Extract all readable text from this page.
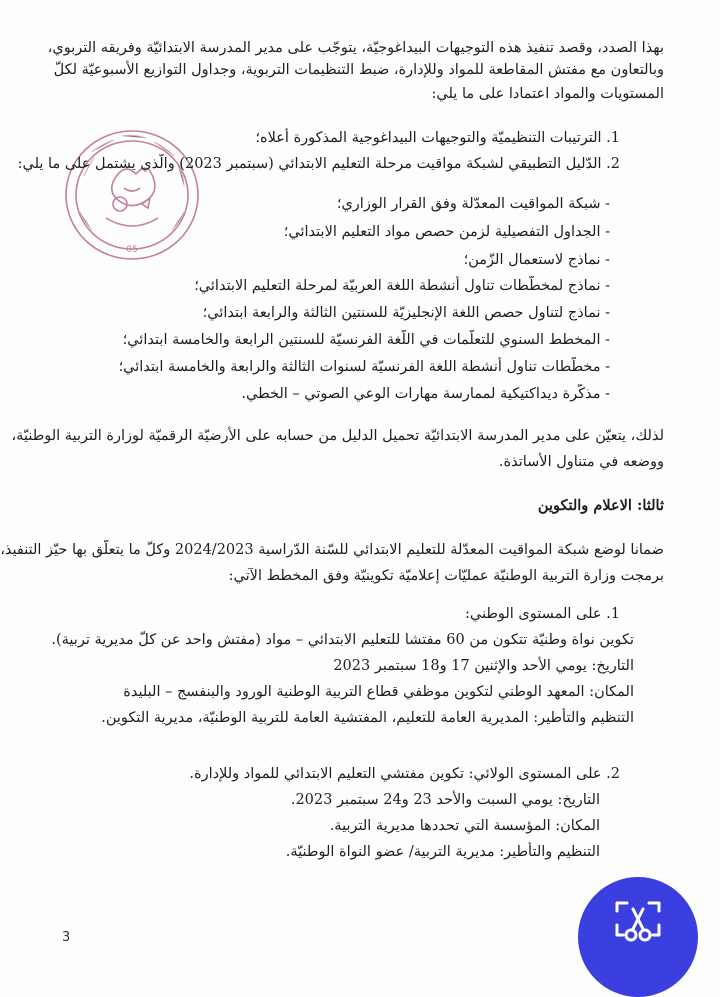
05
بهذا الصدد، وقصد تنفيذ هذه التوجيهات البيداغوجيّة، يتوجّب على مدير المدرسة الابتدائيّة وفريقه التربوي،
وبالتعاون مع مفتش المقاطعة للمواد وللإدارة، ضبط التنظيمات التربوية، وجداول التوازيع الأسبوعيّة لكلّ
المستويات والمواد اعتمادا على ما يلي:
1. الترتيبات التنظيميّة والتوجيهات البيداغوجية المذكورة أعلاه؛
2. الدّليل التطبيقي لشبكة مواقيت مرحلة التعليم الابتدائي (سبتمبر 2023) والّذي يشتمل على ما يلي:
- شبكة المواقيت المعدّلة وفق القرار الوزاري؛
- الجداول التفصيلية لزمن حصص مواد التعليم الابتدائي؛
- نماذج لاستعمال الزّمن؛
- نماذج لمخطّطات تناول أنشطة اللغة العربيّة لمرحلة التعليم الابتدائي؛
- نماذج لتناول حصص اللغة الإنجليزيّة للسنتين الثالثة والرابعة ابتدائي؛
- المخطط السنوي للتعلّمات في اللّغة الفرنسيّة للسنتين الرابعة والخامسة ابتدائي؛
- مخطّطات تناول أنشطة اللغة الفرنسيّة لسنوات الثالثة والرابعة والخامسة ابتدائي؛
- مذكّرة ديداكتيكية لممارسة مهارات الوعي الصوتي – الخطي.
لذلك، يتعيّن على مدير المدرسة الابتدائيّة تحميل الدليل من حسابه على الأرضيّة الرقميّة لوزارة التربية الوطنيّة،
ووضعه في متناول الأساتذة.
ثالثا: الاعلام والتكوين
ضمانا لوضع شبكة المواقيت المعدّلة للتعليم الابتدائي للسّنة الدّراسية 2024/2023 وكلّ ما يتعلّق بها حيّز التنفيذ،
برمجت وزارة التربية الوطنيّة عمليّات إعلاميّة تكوينيّة وفق المخطط الآتي:
1. على المستوى الوطني:
تكوين نواة وطنيّة تتكون من 60 مفتشا للتعليم الابتدائي – مواد (مفتش واحد عن كلّ مديرية تربية).
التاريخ: يومي الأحد والإثنين 17 و18 سبتمبر 2023
المكان: المعهد الوطني لتكوين موظفي قطاع التربية الوطنية الورود والبنفسج – البليدة
التنظيم والتأطير: المديرية العامة للتعليم، المفتشية العامة للتربية الوطنيّة، مديرية التكوين.
2. على المستوى الولائي: تكوين مفتشي التعليم الابتدائي للمواد وللإدارة.
التاريخ: يومي السبت والأحد 23 و24 سبتمبر 2023.
المكان: المؤسسة التي تحددها مديرية التربية.
التنظيم والتأطير: مديرية التربية/ عضو النواة الوطنيّة.
3
